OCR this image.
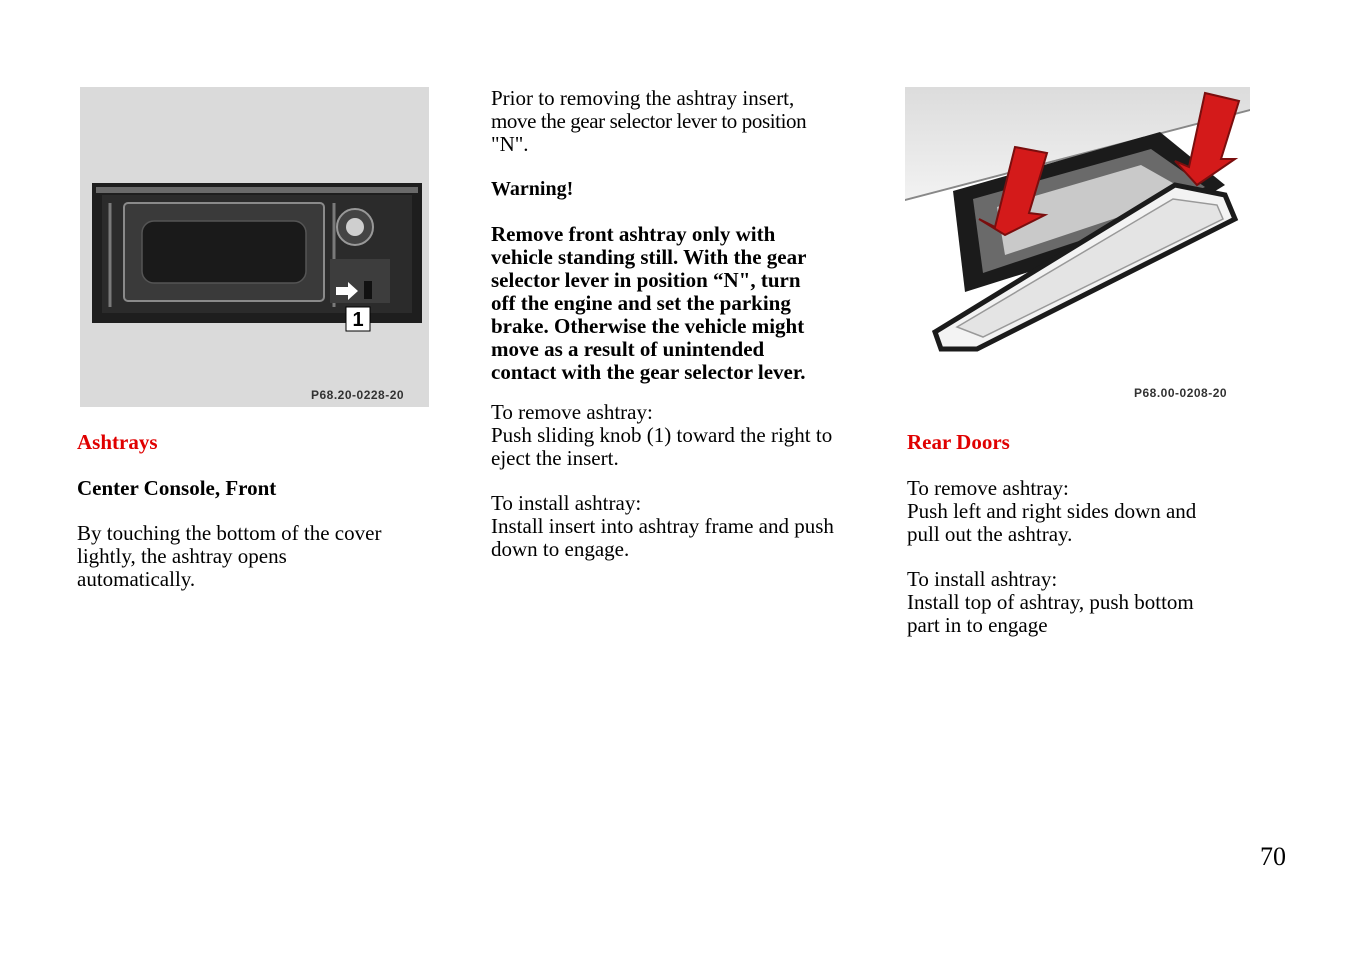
1
P68.20-0228-20
Ashtrays
Center Console, Front
By touching the bottom of the cover
lightly, the ashtray opens
automatically.
Prior to removing the ashtray insert,
move the gear selector lever to position
"N".
Warning!
Remove front ashtray only with
vehicle standing still. With the gear
selector lever in position “N", turn
off the engine and set the parking
brake. Otherwise the vehicle might
move as a result of unintended
contact with the gear selector lever.
To remove ashtray:
Push sliding knob (1) toward the right to
eject the insert.
To install ashtray:
Install insert into ashtray frame and push
down to engage.
P68.00-0208-20
Rear Doors
To remove ashtray:
Push left and right sides down and
pull out the ashtray.
To install ashtray:
Install top of ashtray, push bottom
part in to engage
70
